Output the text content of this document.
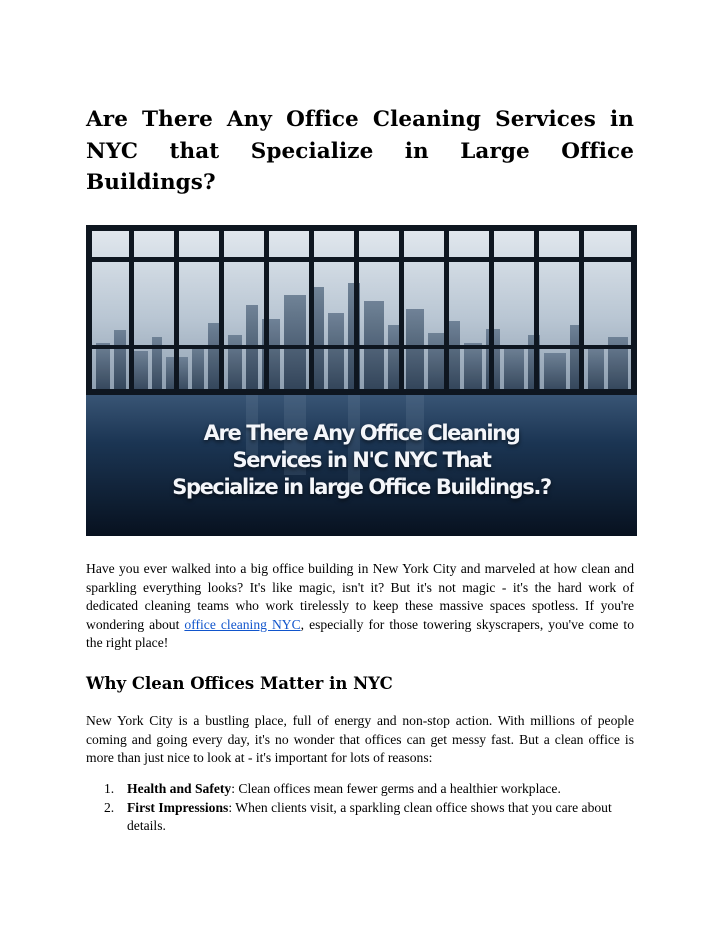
Are There Any Office Cleaning Services in NYC that Specialize in Large Office Buildings?
Are There Any Office Cleaning
Services in N'C NYC That
Specialize in large Office Buildings.?

Have you ever walked into a big office building in New York City and marveled at how clean and sparkling everything looks? It's like magic, isn't it? But it's not magic - it's the hard work of dedicated cleaning teams who work tirelessly to keep these massive spaces spotless. If you're wondering about office cleaning NYC, especially for those towering skyscrapers, you've come to the right place!

Why Clean Offices Matter in NYC

New York City is a bustling place, full of energy and non-stop action. With millions of people coming and going every day, it's no wonder that offices can get messy fast. But a clean office is more than just nice to look at - it's important for lots of reasons:

1. Health and Safety: Clean offices mean fewer germs and a healthier workplace.
2. First Impressions: When clients visit, a sparkling clean office shows that you care about details.
